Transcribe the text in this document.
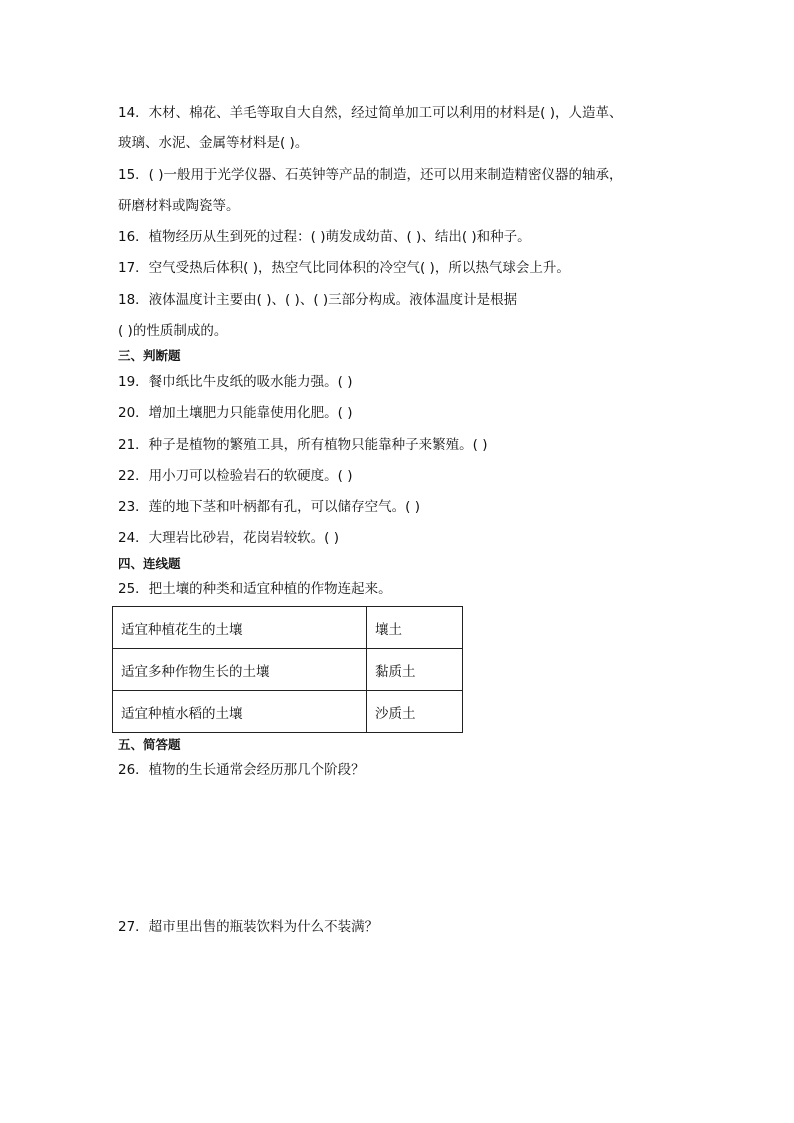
14．木材、棉花、羊毛等取自大自然，经过简单加工可以利用的材料是( )，人造革、
玻璃、水泥、金属等材料是( )。
15．( )一般用于光学仪器、石英钟等产品的制造，还可以用来制造精密仪器的轴承，
研磨材料或陶瓷等。
16．植物经历从生到死的过程：( )萌发成幼苗、( )、结出( )和种子。
17．空气受热后体积( )，热空气比同体积的冷空气( )，所以热气球会上升。
18．液体温度计主要由( )、( )、( )三部分构成。液体温度计是根据
( )的性质制成的。
三、判断题
19．餐巾纸比牛皮纸的吸水能力强。( )
20．增加土壤肥力只能靠使用化肥。( )
21．种子是植物的繁殖工具，所有植物只能靠种子来繁殖。( )
22．用小刀可以检验岩石的软硬度。( )
23．莲的地下茎和叶柄都有孔，可以储存空气。( )
24．大理岩比砂岩，花岗岩较软。( )
四、连线题
25．把土壤的种类和适宜种植的作物连起来。
适宜种植花生的土壤	壤土
适宜多种作物生长的土壤	黏质土
适宜种植水稻的土壤	沙质土
五、简答题
26．植物的生长通常会经历那几个阶段？
27．超市里出售的瓶装饮料为什么不装满？
